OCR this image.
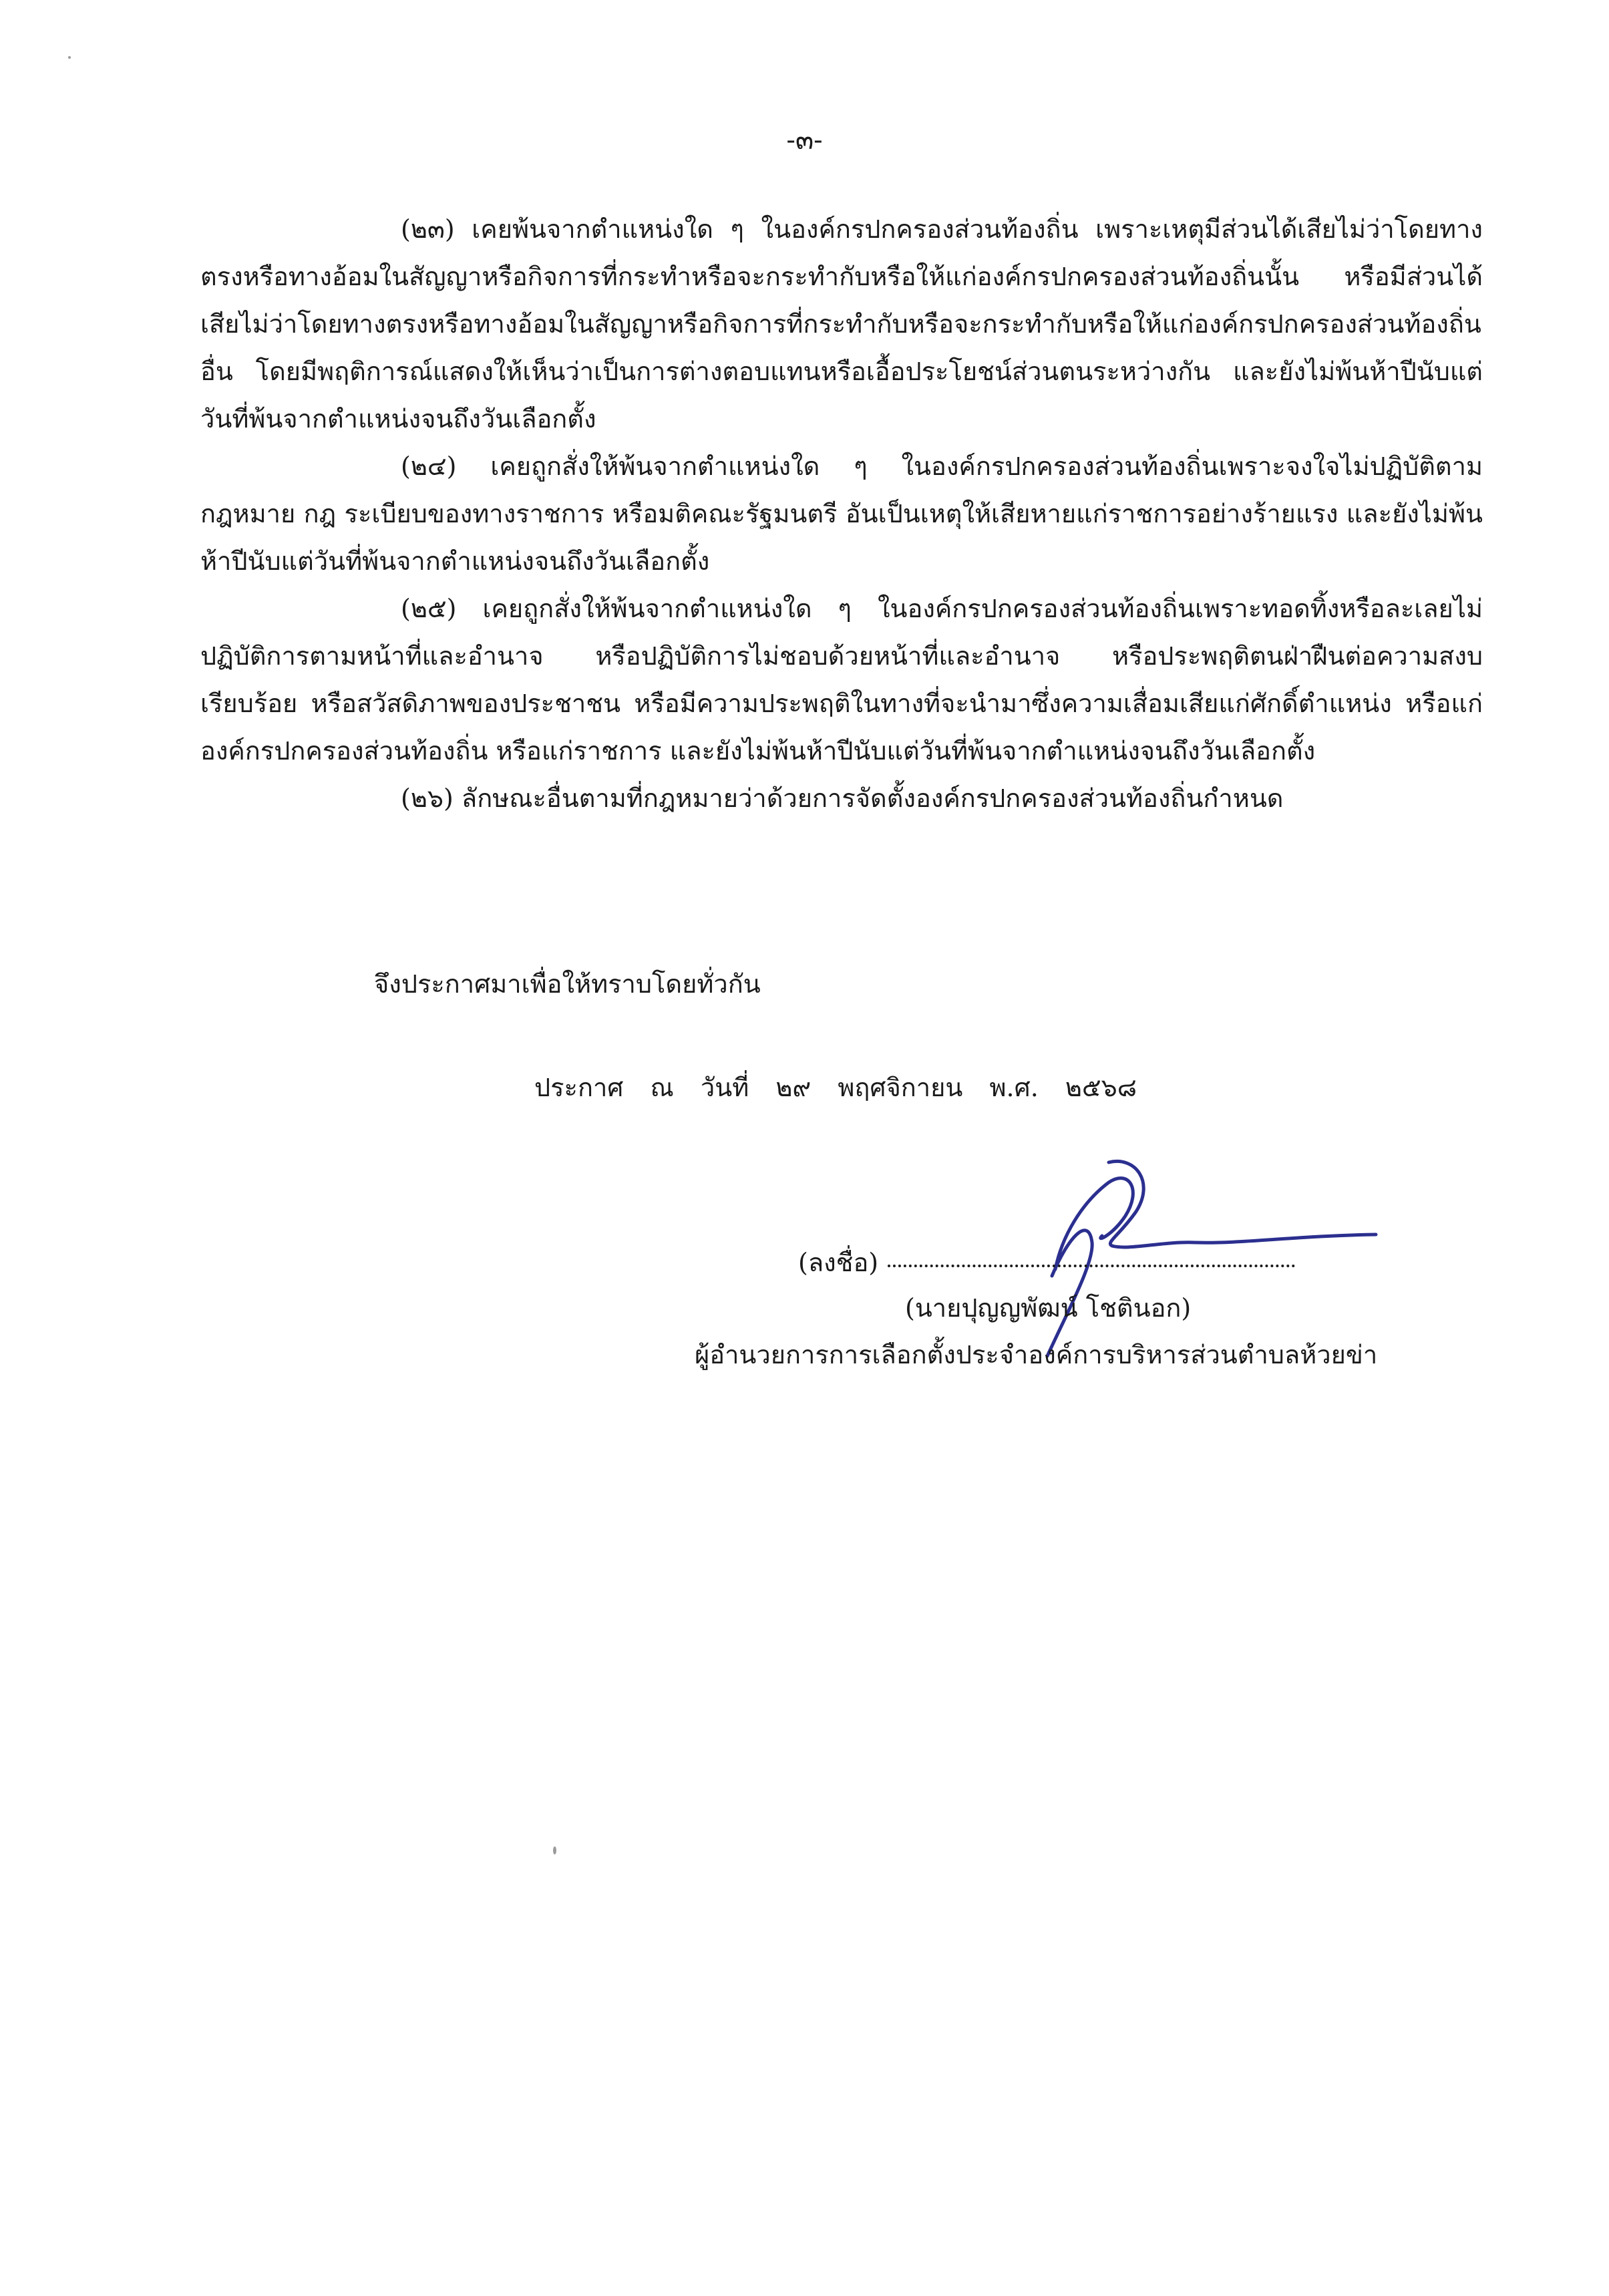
-๓-

(๒๓) เคยพ้นจากตำแหน่งใด ๆ ในองค์กรปกครองส่วนท้องถิ่น เพราะเหตุมีส่วนได้เสียไม่ว่าโดยทางตรงหรือทางอ้อมในสัญญาหรือกิจการที่กระทำหรือจะกระทำกับหรือให้แก่องค์กรปกครองส่วนท้องถิ่นนั้น หรือมีส่วนได้เสียไม่ว่าโดยทางตรงหรือทางอ้อมในสัญญาหรือกิจการที่กระทำกับหรือจะกระทำกับหรือให้แก่องค์กรปกครองส่วนท้องถิ่นอื่น โดยมีพฤติการณ์แสดงให้เห็นว่าเป็นการต่างตอบแทนหรือเอื้อประโยชน์ส่วนตนระหว่างกัน และยังไม่พ้นห้าปีนับแต่วันที่พ้นจากตำแหน่งจนถึงวันเลือกตั้ง

(๒๔) เคยถูกสั่งให้พ้นจากตำแหน่งใด ๆ ในองค์กรปกครองส่วนท้องถิ่นเพราะจงใจไม่ปฏิบัติตามกฎหมาย กฎ ระเบียบของทางราชการ หรือมติคณะรัฐมนตรี อันเป็นเหตุให้เสียหายแก่ราชการอย่างร้ายแรง และยังไม่พ้นห้าปีนับแต่วันที่พ้นจากตำแหน่งจนถึงวันเลือกตั้ง

(๒๕) เคยถูกสั่งให้พ้นจากตำแหน่งใด ๆ ในองค์กรปกครองส่วนท้องถิ่นเพราะทอดทิ้งหรือละเลยไม่ปฏิบัติการตามหน้าที่และอำนาจ หรือปฏิบัติการไม่ชอบด้วยหน้าที่และอำนาจ หรือประพฤติตนฝ่าฝืนต่อความสงบเรียบร้อย หรือสวัสดิภาพของประชาชน หรือมีความประพฤติในทางที่จะนำมาซึ่งความเสื่อมเสียแก่ศักดิ์ตำแหน่ง หรือแก่องค์กรปกครองส่วนท้องถิ่น หรือแก่ราชการ และยังไม่พ้นห้าปีนับแต่วันที่พ้นจากตำแหน่งจนถึงวันเลือกตั้ง

(๒๖) ลักษณะอื่นตามที่กฎหมายว่าด้วยการจัดตั้งองค์กรปกครองส่วนท้องถิ่นกำหนด

จึงประกาศมาเพื่อให้ทราบโดยทั่วกัน
ประกาศ ณ วันที่ ๒๙ พฤศจิกายน พ.ศ. ๒๕๖๘
(ลงชื่อ)
(นายปุญญพัฒน์ โชตินอก)
ผู้อำนวยการการเลือกตั้งประจำองค์การบริหารส่วนตำบลห้วยข่า
